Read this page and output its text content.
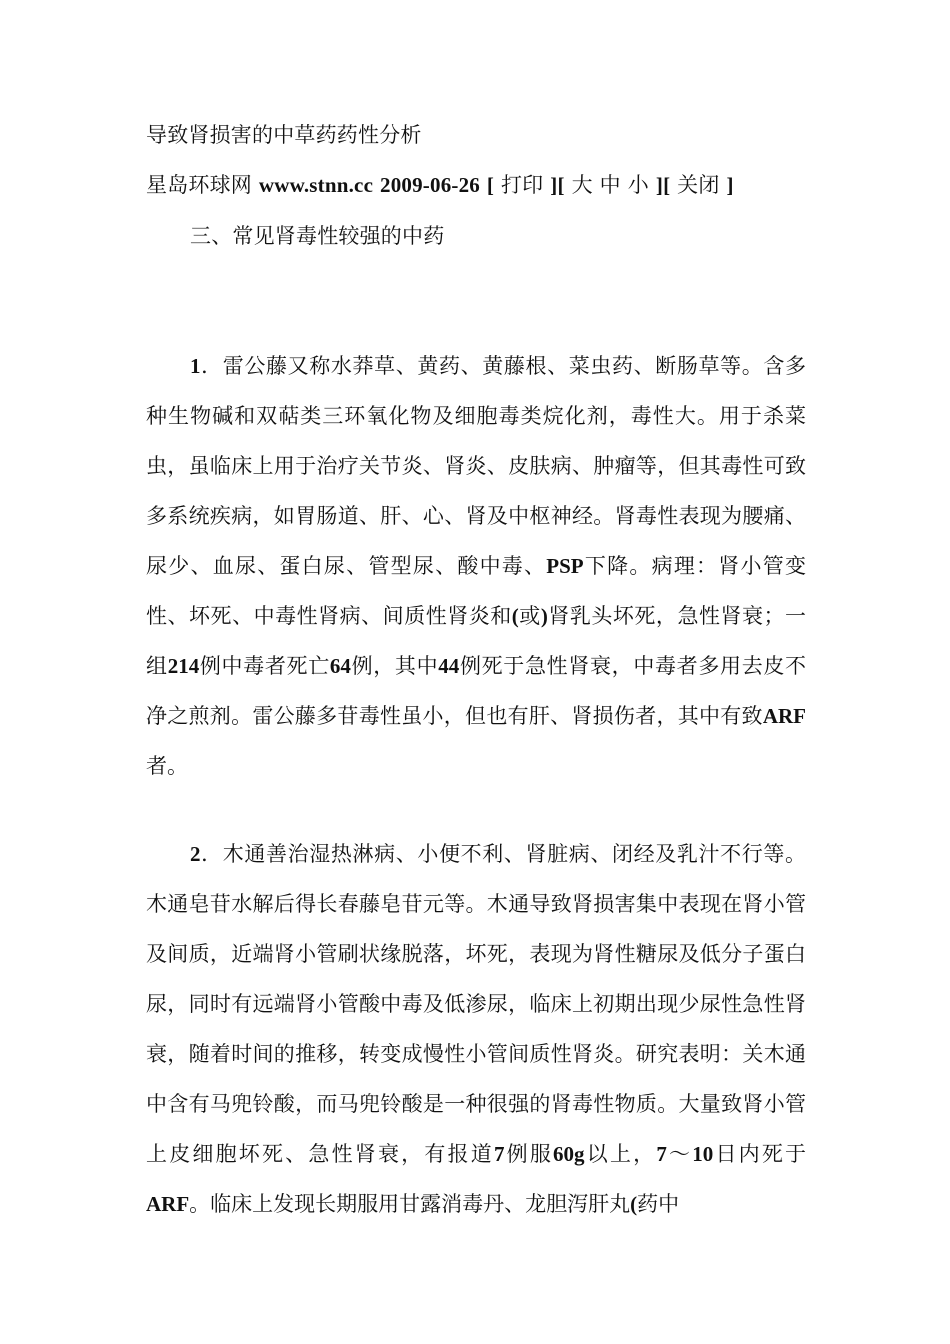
导致肾损害的中草药药性分析
星岛环球网 www.stnn.cc 2009-06-26 [ 打印 ][ 大 中 小 ][ 关闭 ]
三、常见肾毒性较强的中药

1．雷公藤又称水莽草、黄药、黄藤根、菜虫药、断肠草等。含多种生物碱和双萜类三环氧化物及细胞毒类烷化剂，毒性大。用于杀菜虫，虽临床上用于治疗关节炎、肾炎、皮肤病、肿瘤等，但其毒性可致多系统疾病，如胃肠道、肝、心、肾及中枢神经。肾毒性表现为腰痛、尿少、血尿、蛋白尿、管型尿、酸中毒、PSP下降。病理：肾小管变性、坏死、中毒性肾病、间质性肾炎和(或)肾乳头坏死，急性肾衰；一组214例中毒者死亡64例，其中44例死于急性肾衰，中毒者多用去皮不净之煎剂。雷公藤多苷毒性虽小，但也有肝、肾损伤者，其中有致ARF者。

2．木通善治湿热淋病、小便不利、肾脏病、闭经及乳汁不行等。木通皂苷水解后得长春藤皂苷元等。木通导致肾损害集中表现在肾小管及间质，近端肾小管刷状缘脱落，坏死，表现为肾性糖尿及低分子蛋白尿，同时有远端肾小管酸中毒及低渗尿，临床上初期出现少尿性急性肾衰，随着时间的推移，转变成慢性小管间质性肾炎。研究表明：关木通中含有马兜铃酸，而马兜铃酸是一种很强的肾毒性物质。大量致肾小管上皮细胞坏死、急性肾衰，有报道7例服60g以上，7～10日内死于ARF。临床上发现长期服用甘露消毒丹、龙胆泻肝丸(药中
